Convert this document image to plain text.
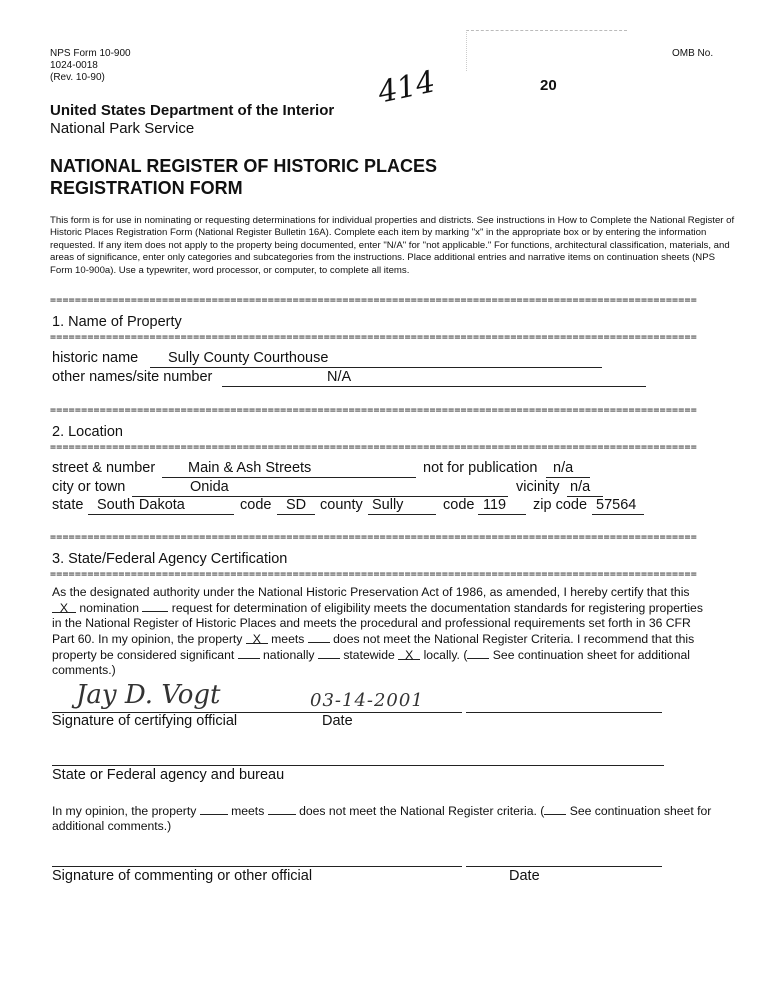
NPS Form 10-900
1024-0018
(Rev. 10-90)
OMB No.
20
414
United States Department of the Interior
National Park Service
NATIONAL REGISTER OF HISTORIC PLACES
REGISTRATION FORM
This form is for use in nominating or requesting determinations for individual properties and districts. See instructions in How to Complete the National Register of Historic Places Registration Form (National Register Bulletin 16A). Complete each item by marking "x" in the appropriate box or by entering the information requested. If any item does not apply to the property being documented, enter "N/A" for "not applicable." For functions, architectural classification, materials, and areas of significance, enter only categories and subcategories from the instructions. Place additional entries and narrative items on continuation sheets (NPS Form 10-900a). Use a typewriter, word processor, or computer, to complete all items.
========================================================================================================
1. Name of Property
========================================================================================================
historic name Sully County Courthouse
other names/site number	N/A
========================================================================================================
2. Location
========================================================================================================
street & number Main & Ash Streets	not for publication n/a
city or town	Onida	vicinity n/a
state South Dakota	code SD county Sully	code 119 zip code 57564
========================================================================================================
3. State/Federal Agency Certification
========================================================================================================
As the designated authority under the National Historic Preservation Act of 1986, as amended, I hereby certify that this
X nomination	request for determination of eligibility meets the documentation standards for registering properties
in the National Register of Historic Places and meets the procedural and professional requirements set forth in 36 CFR
Part 60. In my opinion, the property X meets does not meet the National Register Criteria. I recommend that this
property be considered significant nationally statewide X locally. ( See continuation sheet for additional
comments.)
Jay D. Vogt	03-14-2001
Signature of certifying official	Date
State or Federal agency and bureau
In my opinion, the property	meets	does not meet the National Register criteria. ( See continuation sheet for
additional comments.)
Signature of commenting or other official	Date
